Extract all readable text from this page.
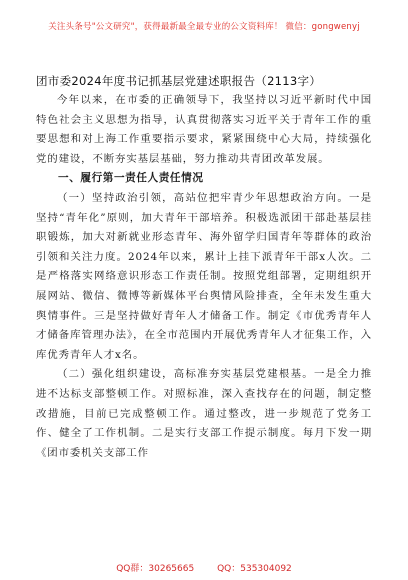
关注头条号"公文研究"，获得最新最全最专业的公文资料库！ 微信：gongwenyj
团市委2024年度书记抓基层党建述职报告（2113字）

今年以来，在市委的正确领导下，我坚持以习近平新时代中国特色社会主义思想为指导，认真贯彻落实习近平关于青年工作的重要思想和对上海工作重要指示要求，紧紧围绕中心大局，持续强化党的建设，不断夯实基层基础，努力推动共青团改革发展。

一、履行第一责任人责任情况

（一）坚持政治引领，高站位把牢青少年思想政治方向。一是坚持“青年化”原则，加大青年干部培养。积极选派团干部赴基层挂职锻炼，加大对新就业形态青年、海外留学归国青年等群体的政治引领和关注力度。2024年以来，累计上挂下派青年干部x人次。二是严格落实网络意识形态工作责任制。按照党组部署，定期组织开展网站、微信、微博等新媒体平台舆情风险排查，全年未发生重大舆情事件。三是坚持做好青年人才储备工作。制定《市优秀青年人才储备库管理办法》，在全市范围内开展优秀青年人才征集工作，入库优秀青年人才x名。

（二）强化组织建设，高标准夯实基层党建根基。一是全力推进不达标支部整顿工作。对照标准，深入查找存在的问题，制定整改措施，目前已完成整顿工作。通过整改，进一步规范了党务工作、健全了工作机制。二是实行支部工作提示制度。每月下发一期《团市委机关支部工作

QQ群：30265665	QQ：535304092
